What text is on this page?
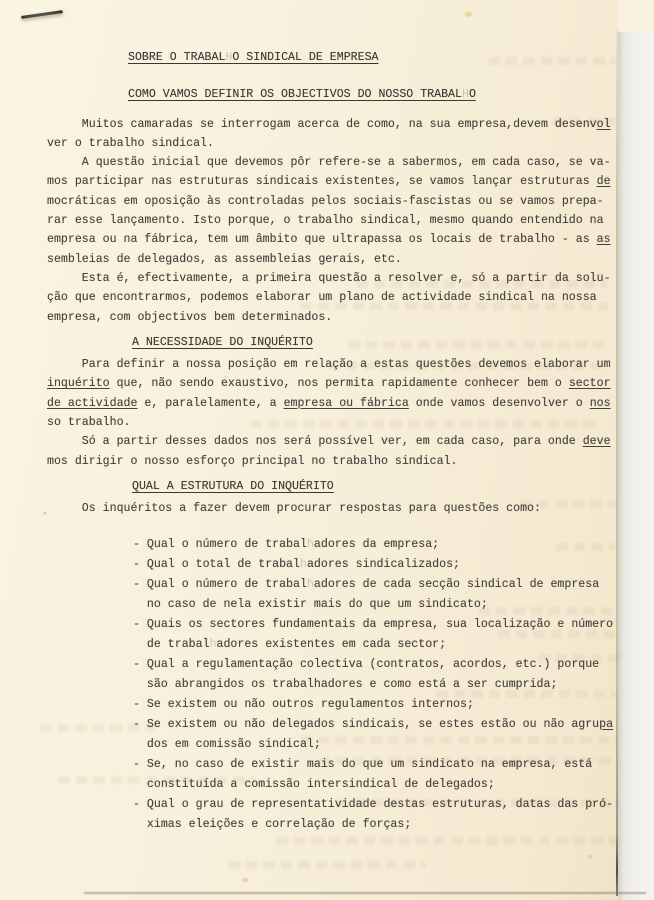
SOBRE O TRABALHO SINDICAL DE EMPRESA
COMO VAMOS DEFINIR OS OBJECTIVOS DO NOSSO TRABALHO
Muitos camaradas se interrogam acerca de como, na sua empresa,devem desenvol
ver o trabalho sindical.
A questão inicial que devemos pôr refere-se a sabermos, em cada caso, se va-
mos participar nas estruturas sindicais existentes, se vamos lançar estruturas de
mocráticas em oposição às controladas pelos sociais-fascistas ou se vamos prepa-
rar esse lançamento. Isto porque, o trabalho sindical, mesmo quando entendido na
empresa ou na fábrica, tem um âmbito que ultrapassa os locais de trabalho - as as
sembleias de delegados, as assembleias gerais, etc.
Esta é, efectivamente, a primeira questão a resolver e, só a partir da solu-
ção que encontrarmos, podemos elaborar um plano de actividade sindical na nossa
empresa, com objectivos bem determinados.
A NECESSIDADE DO INQUÉRITO
Para definir a nossa posição em relação a estas questões devemos elaborar um
inquérito que, não sendo exaustivo, nos permita rapidamente conhecer bem o sector
de actividade e, paralelamente, a empresa ou fábrica onde vamos desenvolver o nos
so trabalho.
Só a partir desses dados nos será possível ver, em cada caso, para onde deve
mos dirigir o nosso esforço principal no trabalho sindical.
QUAL A ESTRUTURA DO INQUÉRITO
Os inquéritos a fazer devem procurar respostas para questões como:
- Qual o número de trabalhadores da empresa;
- Qual o total de trabalhadores sindicalizados;
- Qual o número de trabalhadores de cada secção sindical de empresa
no caso de nela existir mais do que um sindicato;
- Quais os sectores fundamentais da empresa, sua localização e número
de trabalhadores existentes em cada sector;
- Qual a regulamentação colectiva (contratos, acordos, etc.) porque
são abrangidos os trabalhadores e como está a ser cumprida;
- Se existem ou não outros regulamentos internos;
- Se existem ou não delegados sindicais, se estes estão ou não agrupa
dos em comissão sindical;
- Se, no caso de existir mais do que um sindicato na empresa, está
constituída a comissão intersindical de delegados;
- Qual o grau de representatividade destas estruturas, datas das pró-
ximas eleições e correlação de forças;
